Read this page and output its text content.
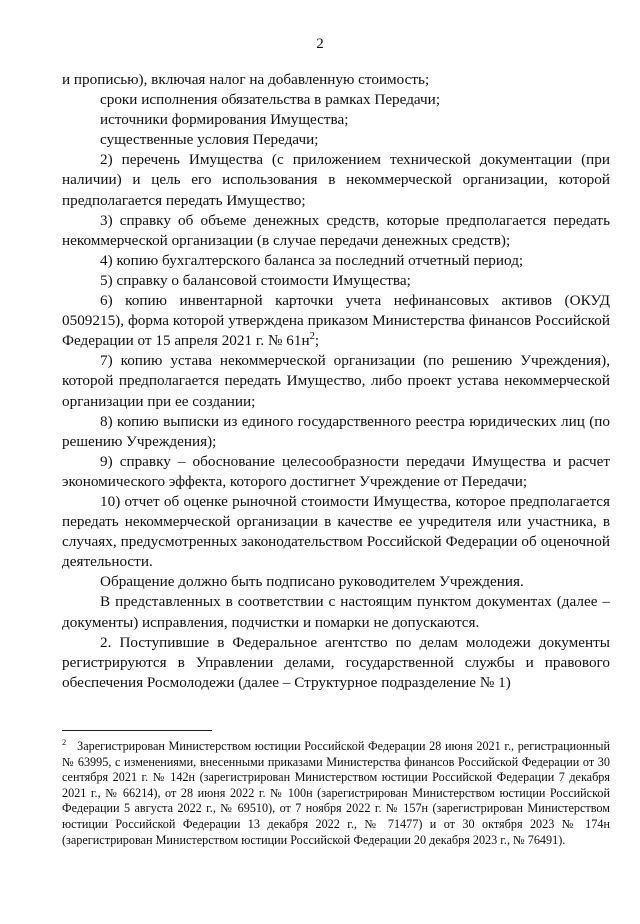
2

и прописью), включая налог на добавленную стоимость;

сроки исполнения обязательства в рамках Передачи;

источники формирования Имущества;

существенные условия Передачи;

2) перечень Имущества (с приложением технической документации (при наличии) и цель его использования в некоммерческой организации, которой предполагается передать Имущество;

3) справку об объеме денежных средств, которые предполагается передать некоммерческой организации (в случае передачи денежных средств);

4) копию бухгалтерского баланса за последний отчетный период;

5) справку о балансовой стоимости Имущества;

6) копию инвентарной карточки учета нефинансовых активов (ОКУД 0509215), форма которой утверждена приказом Министерства финансов Российской Федерации от 15 апреля 2021 г. № $61н^2$;

7) копию устава некоммерческой организации (по решению Учреждения), которой предполагается передать Имущество, либо проект устава некоммерческой организации при ее создании;

8) копию выписки из единого государственного реестра юридических лиц (по решению Учреждения);

9) справку – обоснование целесообразности передачи Имущества и расчет экономического эффекта, которого достигнет Учреждение от Передачи;

10) отчет об оценке рыночной стоимости Имущества, которое предполагается передать некоммерческой организации в качестве ее учредителя или участника, в случаях, предусмотренных законодательством Российской Федерации об оценочной деятельности.

Обращение должно быть подписано руководителем Учреждения.

В представленных в соответствии с настоящим пунктом документах (далее – документы) исправления, подчистки и помарки не допускаются.

2. Поступившие в Федеральное агентство по делам молодежи документы регистрируются в Управлении делами, государственной службы и правового обеспечения Росмолодежи (далее – Структурное подразделение № 1)

$^2$ Зарегистрирован Министерством юстиции Российской Федерации 28 июня 2021 г., регистрационный № 63995, с изменениями, внесенными приказами Министерства финансов Российской Федерации от 30 сентября 2021 г. № 142н (зарегистрирован Министерством юстиции Российской Федерации 7 декабря 2021 г., № 66214), от 28 июня 2022 г. № 100н (зарегистрирован Министерством юстиции Российской Федерации 5 августа 2022 г., № 69510), от 7 ноября 2022 г. № 157н (зарегистрирован Министерством юстиции Российской Федерации 13 декабря 2022 г., № 71477) и от 30 октября 2023 № 174н (зарегистрирован Министерством юстиции Российской Федерации 20 декабря 2023 г., № 76491).
